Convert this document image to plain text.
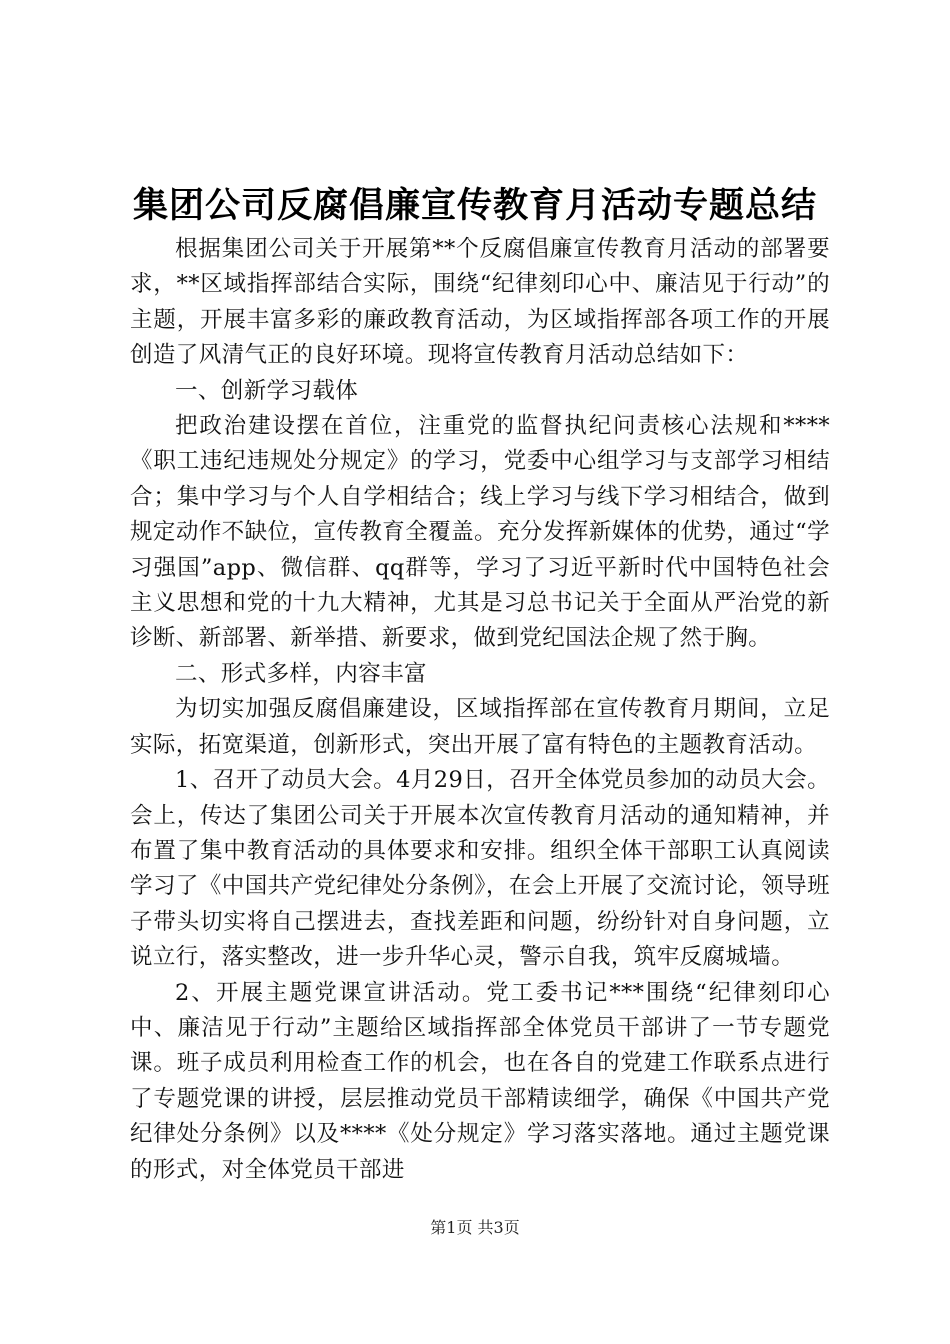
集团公司反腐倡廉宣传教育月活动专题总结

根据集团公司关于开展第**个反腐倡廉宣传教育月活动的部署要求，**区域指挥部结合实际，围绕“纪律刻印心中、廉洁见于行动”的主题，开展丰富多彩的廉政教育活动，为区域指挥部各项工作的开展创造了风清气正的良好环境。现将宣传教育月活动总结如下：

一、创新学习载体

把政治建设摆在首位，注重党的监督执纪问责核心法规和****《职工违纪违规处分规定》的学习，党委中心组学习与支部学习相结合；集中学习与个人自学相结合；线上学习与线下学习相结合，做到规定动作不缺位，宣传教育全覆盖。充分发挥新媒体的优势，通过“学习强国”app、微信群、qq群等，学习了习近平新时代中国特色社会主义思想和党的十九大精神，尤其是习总书记关于全面从严治党的新诊断、新部署、新举措、新要求，做到党纪国法企规了然于胸。

二、形式多样，内容丰富

为切实加强反腐倡廉建设，区域指挥部在宣传教育月期间，立足实际，拓宽渠道，创新形式，突出开展了富有特色的主题教育活动。

1、召开了动员大会。4月29日，召开全体党员参加的动员大会。会上，传达了集团公司关于开展本次宣传教育月活动的通知精神，并布置了集中教育活动的具体要求和安排。组织全体干部职工认真阅读学习了《中国共产党纪律处分条例》，在会上开展了交流讨论，领导班子带头切实将自己摆进去，查找差距和问题，纷纷针对自身问题，立说立行，落实整改，进一步升华心灵，警示自我，筑牢反腐城墙。

2、开展主题党课宣讲活动。党工委书记***围绕“纪律刻印心中、廉洁见于行动”主题给区域指挥部全体党员干部讲了一节专题党课。班子成员利用检查工作的机会，也在各自的党建工作联系点进行了专题党课的讲授，层层推动党员干部精读细学，确保《中国共产党纪律处分条例》以及****《处分规定》学习落实落地。通过主题党课的形式，对全体党员干部进

第1页 共3页
